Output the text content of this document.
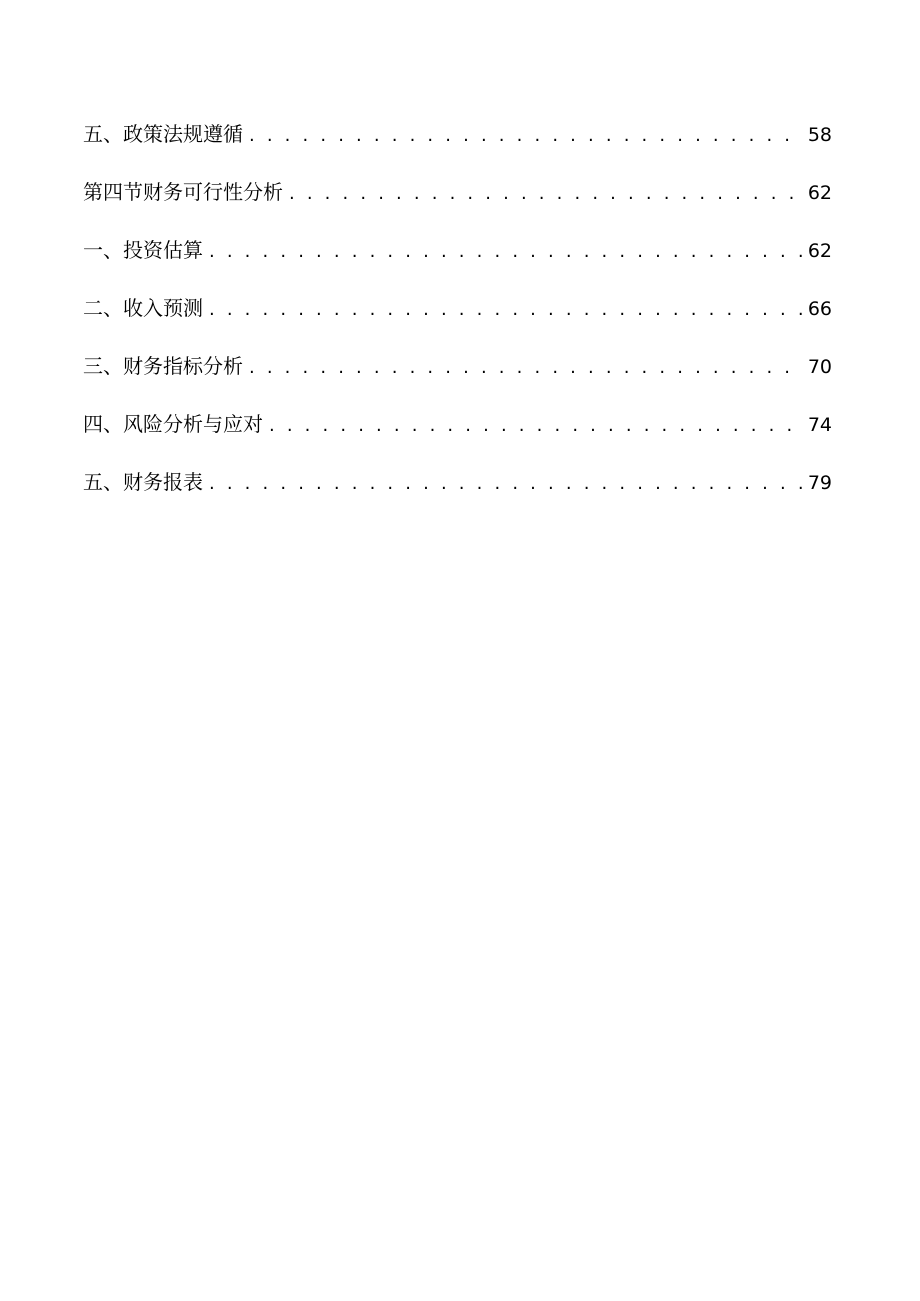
五、政策法规遵循 . . .	58
第四节财务可行性分析 . . .	62
一、投资估算 . . .	62
二、收入预测 . . .	66
三、财务指标分析 . . .	70
四、风险分析与应对 . . .	74
五、财务报表 . . .	79
